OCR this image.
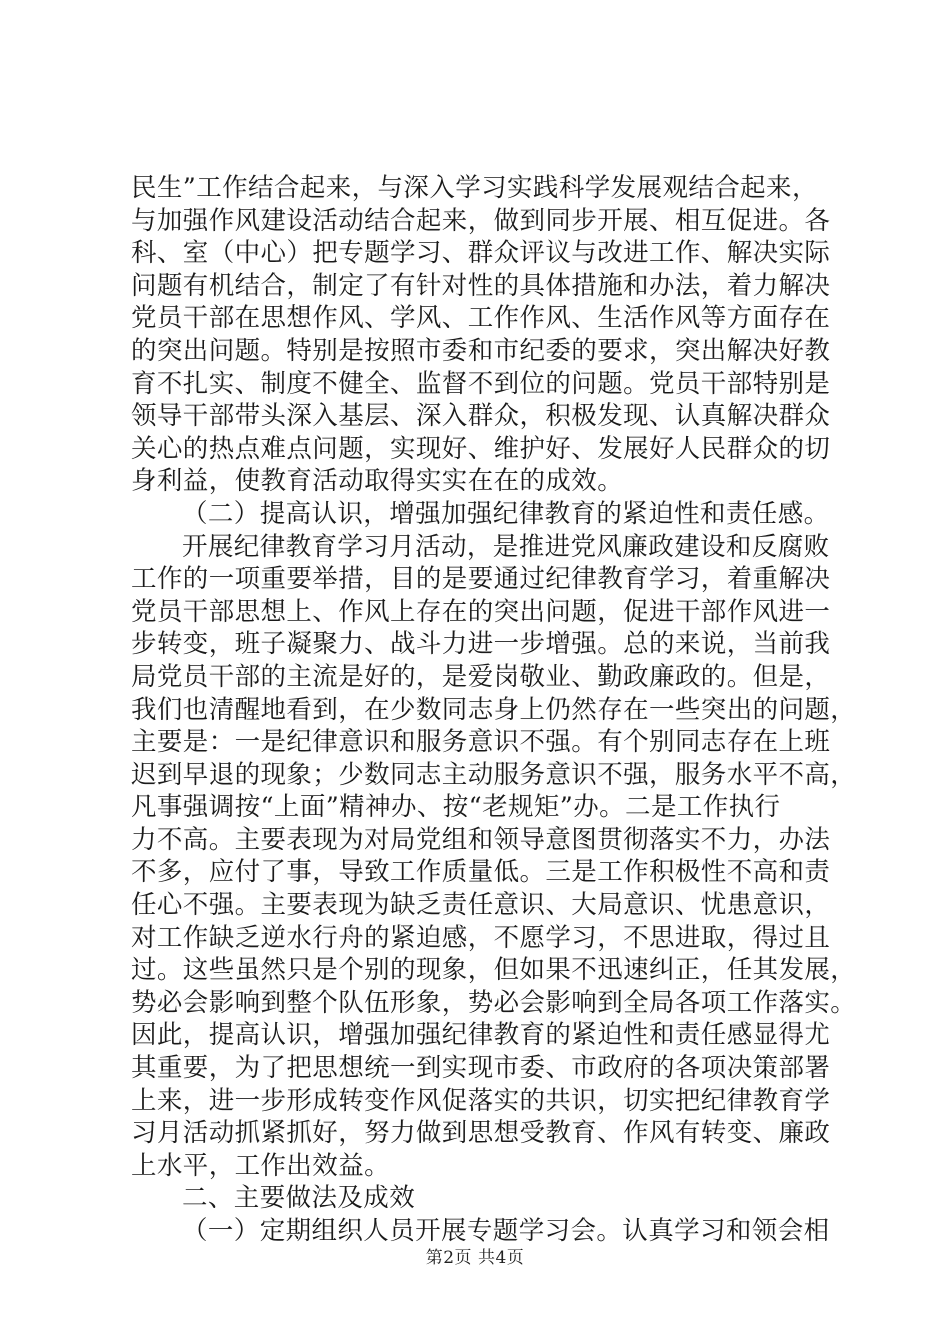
民生”工作结合起来，与深入学习实践科学发展观结合起来，
与加强作风建设活动结合起来，做到同步开展、相互促进。各
科、室（中心）把专题学习、群众评议与改进工作、解决实际
问题有机结合，制定了有针对性的具体措施和办法，着力解决
党员干部在思想作风、学风、工作作风、生活作风等方面存在
的突出问题。特别是按照市委和市纪委的要求，突出解决好教
育不扎实、制度不健全、监督不到位的问题。党员干部特别是
领导干部带头深入基层、深入群众，积极发现、认真解决群众
关心的热点难点问题，实现好、维护好、发展好人民群众的切
身利益，使教育活动取得实实在在的成效。
（二）提高认识，增强加强纪律教育的紧迫性和责任感。
开展纪律教育学习月活动，是推进党风廉政建设和反腐败
工作的一项重要举措，目的是要通过纪律教育学习，着重解决
党员干部思想上、作风上存在的突出问题，促进干部作风进一
步转变，班子凝聚力、战斗力进一步增强。总的来说，当前我
局党员干部的主流是好的，是爱岗敬业、勤政廉政的。但是，
我们也清醒地看到，在少数同志身上仍然存在一些突出的问题，
主要是：一是纪律意识和服务意识不强。有个别同志存在上班
迟到早退的现象；少数同志主动服务意识不强，服务水平不高，
凡事强调按“上面”精神办、按“老规矩”办。二是工作执行
力不高。主要表现为对局党组和领导意图贯彻落实不力，办法
不多，应付了事，导致工作质量低。三是工作积极性不高和责
任心不强。主要表现为缺乏责任意识、大局意识、忧患意识，
对工作缺乏逆水行舟的紧迫感，不愿学习，不思进取，得过且
过。这些虽然只是个别的现象，但如果不迅速纠正，任其发展，
势必会影响到整个队伍形象，势必会影响到全局各项工作落实。
因此，提高认识，增强加强纪律教育的紧迫性和责任感显得尤
其重要，为了把思想统一到实现市委、市政府的各项决策部署
上来，进一步形成转变作风促落实的共识，切实把纪律教育学
习月活动抓紧抓好，努力做到思想受教育、作风有转变、廉政
上水平，工作出效益。
二、主要做法及成效
（一）定期组织人员开展专题学习会。认真学习和领会相
第2页 共4页
